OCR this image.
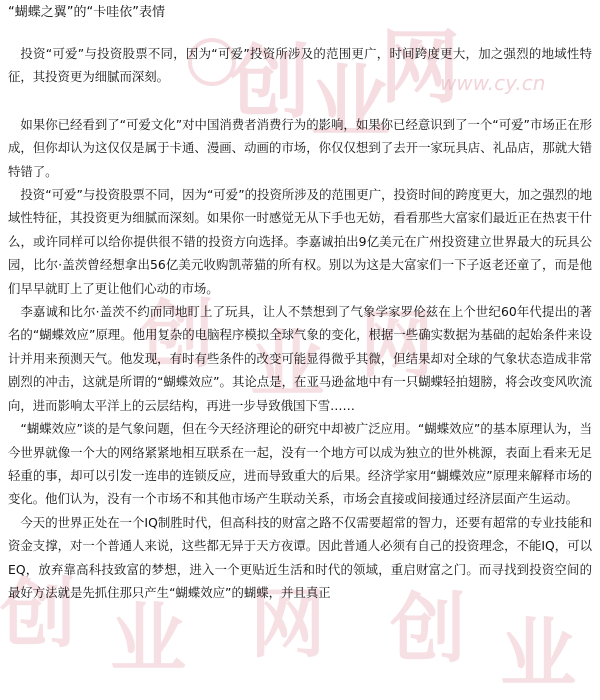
创 业
网
创 业 网
创 业 网 创 业
www.cy.cn
“蝴蝶之翼”的“卡哇依”表情

投资“可爱”与投资股票不同，因为“可爱”投资所涉及的范围更广，时间跨度更大，加之强烈的地域性特征，其投资更为细腻而深刻。

如果你已经看到了“可爱文化”对中国消费者消费行为的影响，如果你已经意识到了一个“可爱”市场正在形成，但你却认为这仅仅是属于卡通、漫画、动画的市场，你仅仅想到了去开一家玩具店、礼品店，那就大错特错了。

投资“可爱”与投资股票不同，因为“可爱”的投资所涉及的范围更广，投资时间的跨度更大，加之强烈的地域性特征，其投资更为细腻而深刻。如果你一时感觉无从下手也无妨，看看那些大富家们最近正在热衷干什么，或许同样可以给你提供很不错的投资方向选择。李嘉诚拍出9亿美元在广州投资建立世界最大的玩具公园，比尔·盖茨曾经想拿出56亿美元收购凯蒂猫的所有权。别以为这是大富家们一下子返老还童了，而是他们早早就盯上了更让他们心动的市场。

李嘉诚和比尔·盖茨不约而同地盯上了玩具，让人不禁想到了气象学家罗伦兹在上个世纪60年代提出的著名的“蝴蝶效应”原理。他用复杂的电脑程序模拟全球气象的变化，根据一些确实数据为基础的起始条件来设计并用来预测天气。他发现，有时有些条件的改变可能显得微乎其微，但结果却对全球的气象状态造成非常剧烈的冲击，这就是所谓的“蝴蝶效应”。其论点是，在亚马逊盆地中有一只蝴蝶轻拍翅膀，将会改变风吹流向，进而影响太平洋上的云层结构，再进一步导致俄国下雪……

“蝴蝶效应”谈的是气象问题，但在今天经济理论的研究中却被广泛应用。“蝴蝶效应”的基本原理认为，当今世界就像一个大的网络紧紧地相互联系在一起，没有一个地方可以成为独立的世外桃源，表面上看来无足轻重的事，却可以引发一连串的连锁反应，进而导致重大的后果。经济学家用“蝴蝶效应”原理来解释市场的变化。他们认为，没有一个市场不和其他市场产生联动关系，市场会直接或间接通过经济层面产生运动。

今天的世界正处在一个IQ制胜时代，但高科技的财富之路不仅需要超常的智力，还要有超常的专业技能和资金支撑，对一个普通人来说，这些都无异于天方夜谭。因此普通人必须有自己的投资理念，不能IQ，可以EQ，放弃靠高科技致富的梦想，进入一个更贴近生活和时代的领域，重启财富之门。而寻找到投资空间的最好方法就是先抓住那只产生“蝴蝶效应”的蝴蝶，并且真正
